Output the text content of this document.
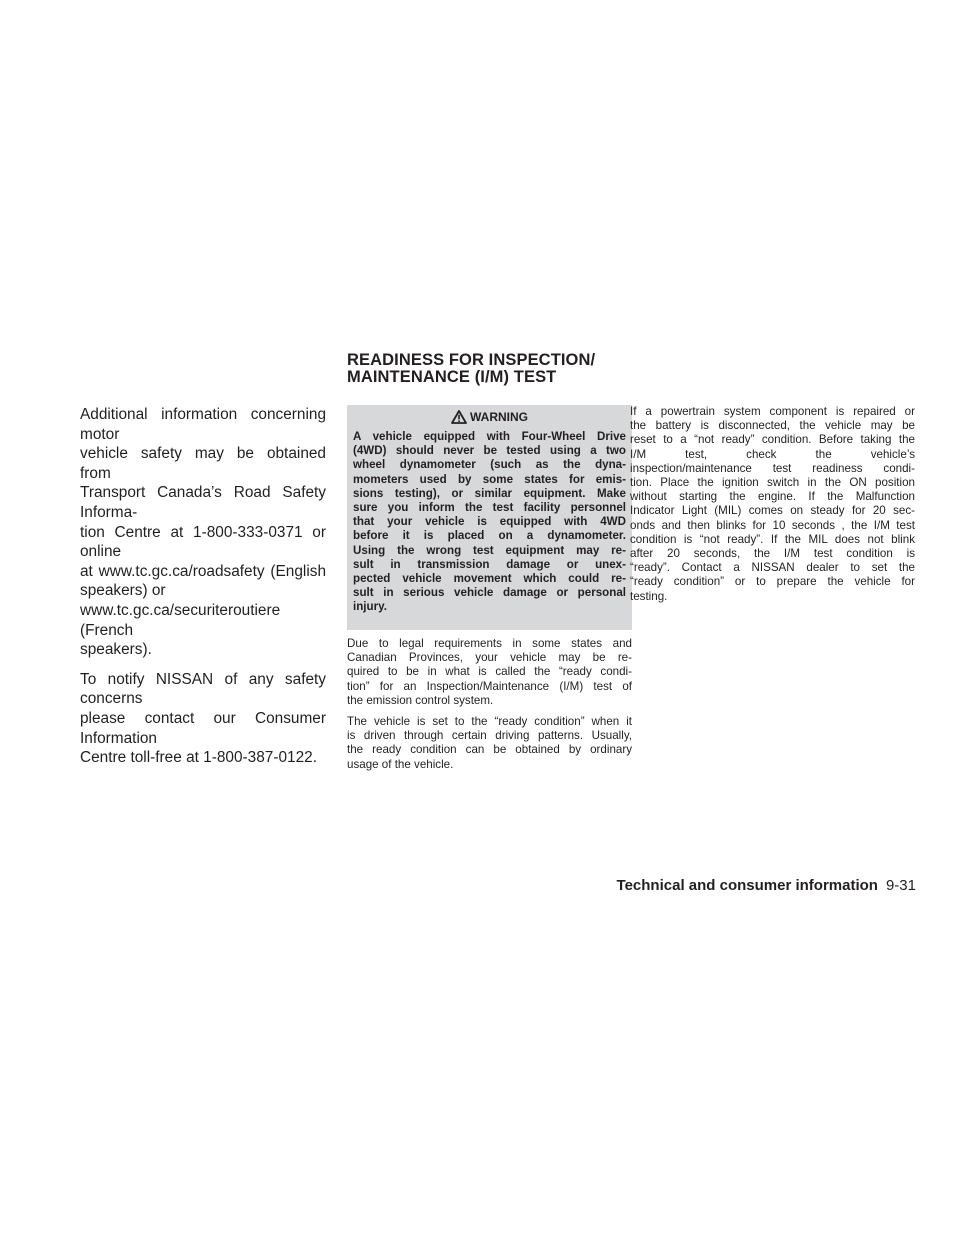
READINESS FOR INSPECTION/
MAINTENANCE (I/M) TEST

Additional information concerning motor
vehicle safety may be obtained from
Transport Canada’s Road Safety Informa-
tion Centre at 1-800-333-0371 or online
at www.tc.gc.ca/roadsafety (English
speakers) or
www.tc.gc.ca/securiteroutiere (French
speakers).

To notify NISSAN of any safety concerns
please contact our Consumer Information
Centre toll-free at 1-800-387-0122.

WARNING
A vehicle equipped with Four-Wheel Drive
(4WD) should never be tested using a two
wheel dynamometer (such as the dyna-
mometers used by some states for emis-
sions testing), or similar equipment. Make
sure you inform the test facility personnel
that your vehicle is equipped with 4WD
before it is placed on a dynamometer.
Using the wrong test equipment may re-
sult in transmission damage or unex-
pected vehicle movement which could re-
sult in serious vehicle damage or personal
injury.

Due to legal requirements in some states and
Canadian Provinces, your vehicle may be re-
quired to be in what is called the “ready condi-
tion” for an Inspection/Maintenance (I/M) test of
the emission control system.

The vehicle is set to the “ready condition” when it
is driven through certain driving patterns. Usually,
the ready condition can be obtained by ordinary
usage of the vehicle.

If a powertrain system component is repaired or
the battery is disconnected, the vehicle may be
reset to a “not ready” condition. Before taking the
I/M test, check the vehicle’s
inspection/maintenance test readiness condi-
tion. Place the ignition switch in the ON position
without starting the engine. If the Malfunction
Indicator Light (MIL) comes on steady for 20 sec-
onds and then blinks for 10 seconds , the I/M test
condition is “not ready”. If the MIL does not blink
after 20 seconds, the I/M test condition is
“ready”. Contact a NISSAN dealer to set the
“ready condition” or to prepare the vehicle for
testing.

Technical and consumer information 9-31
